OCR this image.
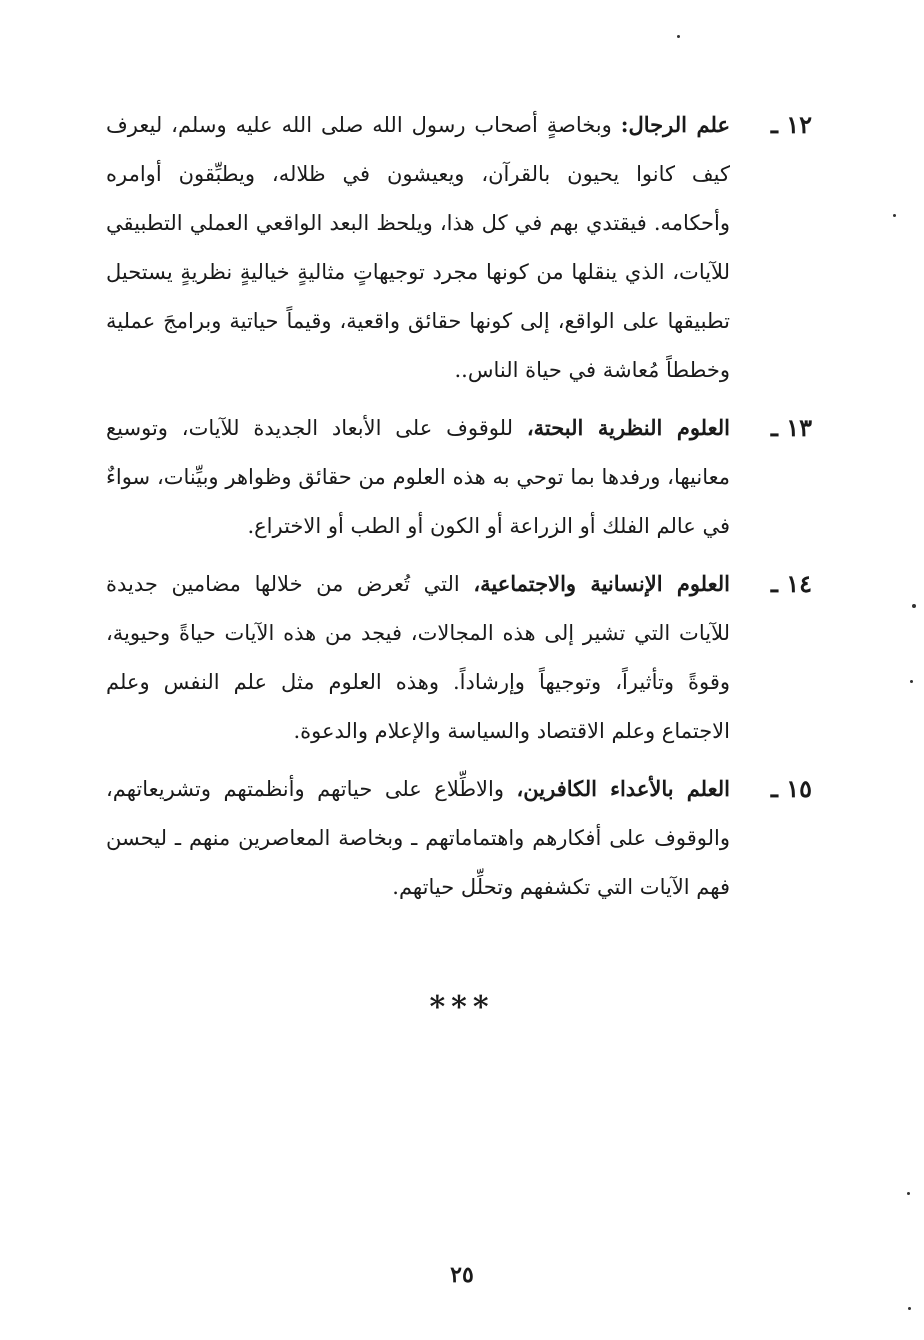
١٢ ـ
علم الرجال: وبخاصةٍ أصحاب رسول الله صلى الله عليه وسلم، ليعرف كيف كانوا يحيون بالقرآن، ويعيشون في ظلاله، ويطبِّقون أوامره وأحكامه. فيقتدي بهم في كل هذا، ويلحظ البعد الواقعي العملي التطبيقي للآيات، الذي ينقلها من كونها مجرد توجيهاتٍ مثاليةٍ خياليةٍ نظريةٍ يستحيل تطبيقها على الواقع، إلى كونها حقائق واقعية، وقيماً حياتية وبرامجَ عملية وخططاً مُعاشة في حياة الناس..
١٣ ـ
العلوم النظرية البحتة، للوقوف على الأبعاد الجديدة للآيات، وتوسيع معانيها، ورفدها بما توحي به هذه العلوم من حقائق وظواهر وبيِّنات، سواءٌ في عالم الفلك أو الزراعة أو الكون أو الطب أو الاختراع.
١٤ ـ
العلوم الإنسانية والاجتماعية، التي تُعرض من خلالها مضامين جديدة للآيات التي تشير إلى هذه المجالات، فيجد من هذه الآيات حياةً وحيوية، وقوةً وتأثيراً، وتوجيهاً وإرشاداً. وهذه العلوم مثل علم النفس وعلم الاجتماع وعلم الاقتصاد والسياسة والإعلام والدعوة.
١٥ ـ
العلم بالأعداء الكافرين، والاطِّلاع على حياتهم وأنظمتهم وتشريعاتهم، والوقوف على أفكارهم واهتماماتهم ـ وبخاصة المعاصرين منهم ـ ليحسن فهم الآيات التي تكشفهم وتحلِّل حياتهم.
***
٢٥
